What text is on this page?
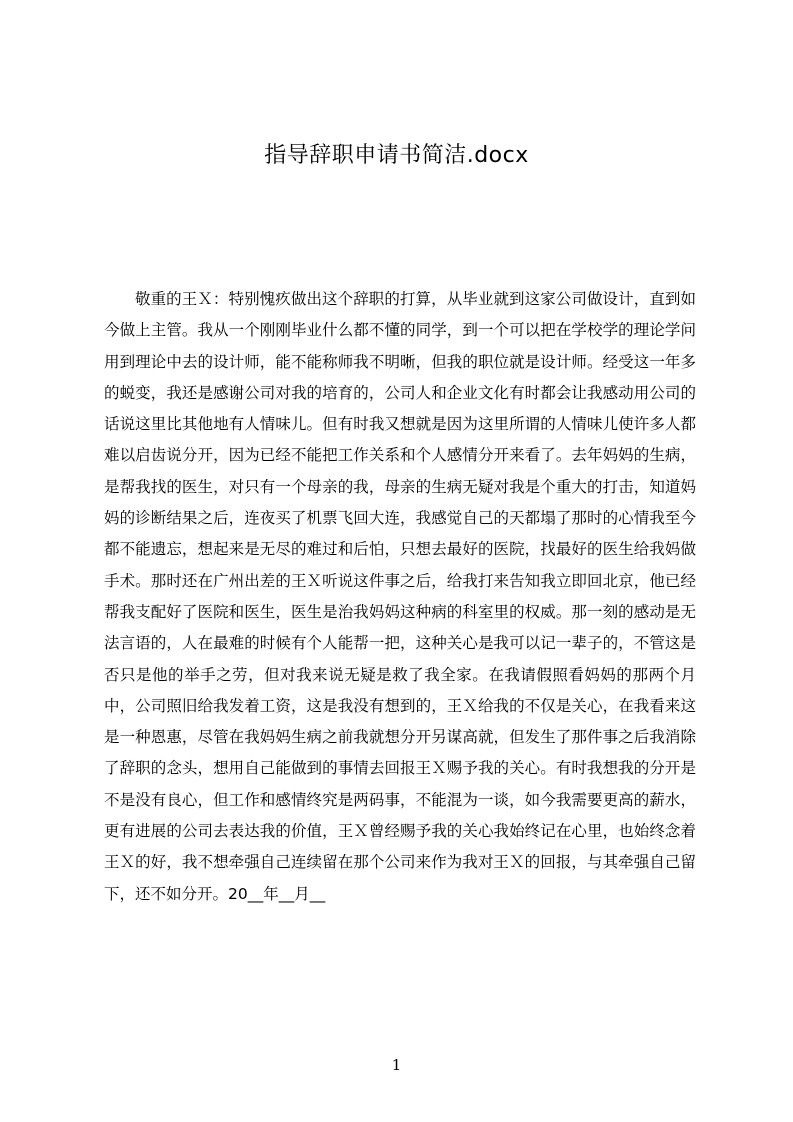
指导辞职申请书简洁.docx

敬重的王Ｘ：特别愧疚做出这个辞职的打算，从毕业就到这家公司做设计，直到如今做上主管。我从一个刚刚毕业什么都不懂的同学，到一个可以把在学校学的理论学问用到理论中去的设计师，能不能称师我不明晰，但我的职位就是设计师。经受这一年多的蜕变，我还是感谢公司对我的培育的，公司人和企业文化有时都会让我感动用公司的话说这里比其他地有人情味儿。但有时我又想就是因为这里所谓的人情味儿使许多人都难以启齿说分开，因为已经不能把工作关系和个人感情分开来看了。去年妈妈的生病，是帮我找的医生，对只有一个母亲的我，母亲的生病无疑对我是个重大的打击，知道妈妈的诊断结果之后，连夜买了机票飞回大连，我感觉自己的天都塌了那时的心情我至今都不能遗忘，想起来是无尽的难过和后怕，只想去最好的医院，找最好的医生给我妈做手术。那时还在广州出差的王Ｘ听说这件事之后，给我打来告知我立即回北京，他已经帮我支配好了医院和医生，医生是治我妈妈这种病的科室里的权威。那一刻的感动是无法言语的，人在最难的时候有个人能帮一把，这种关心是我可以记一辈子的，不管这是否只是他的举手之劳，但对我来说无疑是救了我全家。在我请假照看妈妈的那两个月中，公司照旧给我发着工资，这是我没有想到的，王Ｘ给我的不仅是关心，在我看来这是一种恩惠，尽管在我妈妈生病之前我就想分开另谋高就，但发生了那件事之后我消除了辞职的念头，想用自己能做到的事情去回报王Ｘ赐予我的关心。有时我想我的分开是不是没有良心，但工作和感情终究是两码事，不能混为一谈，如今我需要更高的薪水，更有进展的公司去表达我的价值，王Ｘ曾经赐予我的关心我始终记在心里，也始终念着王Ｘ的好，我不想牵强自己连续留在那个公司来作为我对王Ｘ的回报，与其牵强自己留下，还不如分开。20__年__月__

1
